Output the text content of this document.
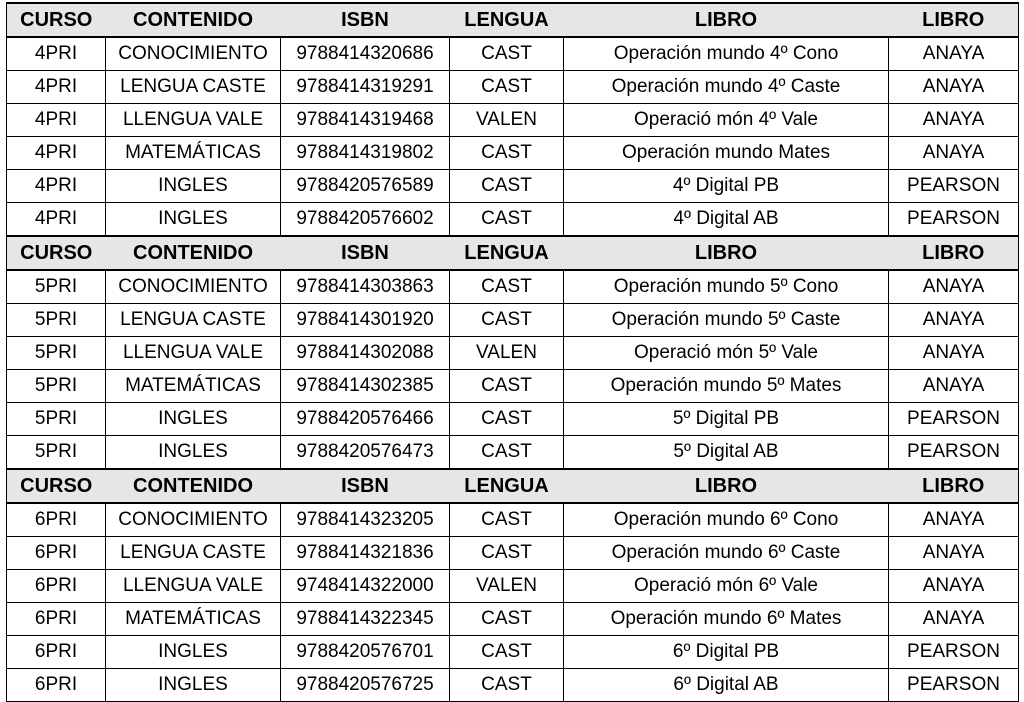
CURSO	CONTENIDO	ISBN	LENGUA	LIBRO	LIBRO
4PRI	CONOCIMIENTO	9788414320686	CAST	Operación mundo 4º Cono	ANAYA
4PRI	LENGUA CASTE	9788414319291	CAST	Operación mundo 4º Caste	ANAYA
4PRI	LLENGUA VALE	9788414319468	VALEN	Operació món 4º Vale	ANAYA
4PRI	MATEMÁTICAS	9788414319802	CAST	Operación mundo Mates	ANAYA
4PRI	INGLES	9788420576589	CAST	4º Digital PB	PEARSON
4PRI	INGLES	9788420576602	CAST	4º Digital AB	PEARSON
CURSO	CONTENIDO	ISBN	LENGUA	LIBRO	LIBRO
5PRI	CONOCIMIENTO	9788414303863	CAST	Operación mundo 5º Cono	ANAYA
5PRI	LENGUA CASTE	9788414301920	CAST	Operación mundo 5º Caste	ANAYA
5PRI	LLENGUA VALE	9788414302088	VALEN	Operació món 5º Vale	ANAYA
5PRI	MATEMÁTICAS	9788414302385	CAST	Operación mundo 5º Mates	ANAYA
5PRI	INGLES	9788420576466	CAST	5º Digital PB	PEARSON
5PRI	INGLES	9788420576473	CAST	5º Digital AB	PEARSON
CURSO	CONTENIDO	ISBN	LENGUA	LIBRO	LIBRO
6PRI	CONOCIMIENTO	9788414323205	CAST	Operación mundo 6º Cono	ANAYA
6PRI	LENGUA CASTE	9788414321836	CAST	Operación mundo 6º Caste	ANAYA
6PRI	LLENGUA VALE	9748414322000	VALEN	Operació món 6º Vale	ANAYA
6PRI	MATEMÁTICAS	9788414322345	CAST	Operación mundo 6º Mates	ANAYA
6PRI	INGLES	9788420576701	CAST	6º Digital PB	PEARSON
6PRI	INGLES	9788420576725	CAST	6º Digital AB	PEARSON
